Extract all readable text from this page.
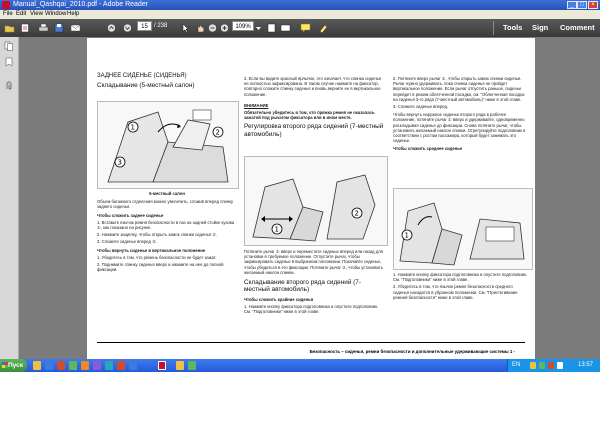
Manual_Qashqai_2010.pdf - Adobe Reader	_	□	×
File Edit View Window Help
15	/ 238	109%	Tools Sign Comment
ЗАДНЕЕ СИДЕНЬЕ (СИДЕНЬЯ)
Складывание (5-местный салон)
1
2
3
5-местный салон
Объем багажного отделения можно увеличить, сложив вперед спинку заднего сиденья.
Чтобы сложить заднее сиденье
1. Вставьте язычок ремня безопасности в паз на задней стойке кузова ①, как показано на рисунке.
2. Нажмите защёлку, чтобы открыть замок спинки сиденья ②.
3. Сложите сиденье вперед ③.
Чтобы вернуть сиденье в вертикальное положение
1. Убедитесь в том, что ремень безопасности не будет зажат.
2. Поднимите спинку сиденья вверх и нажмите на нее до полной фиксации.
3. Если вы видите красный ярлычок, это означает, что спинка сиденья не полностью зафиксирована. В таком случае нажмите на фиксатор, повторно сложите спинку сиденья и вновь верните ее в вертикальное положение.
ВНИМАНИЕ
Обязательно убедитесь в том, что пряжка ремня не оказалась зажатой под рычагом фиксатора или в ином месте.
Регулировка второго ряда сидений (7-местный автомобиль)
1
2
Потяните рычаг ① вверх и переместите сиденье вперед или назад для установки в требуемое положение. Отпустите рычаг, чтобы зафиксировать сиденье в выбранном положении. Покачайте сиденье, чтобы убедиться в его фиксации. Потяните рычаг ②, чтобы установить желаемый наклон спинки.
Складывание второго ряда сидений (7-местный автомобиль)
Чтобы сложить крайние сиденья
1. Нажмите кнопку фиксатора подголовника и опустите подголовник. См. "Подголовники" ниже в этой главе.
2. Потяните вверх рычаг ①, чтобы открыть замок спинки сиденья. Рычаг нужно удерживать, пока спинка сиденья не пройдет вертикальное положение. Если рычаг отпустить раньше, сиденье перейдет в режим облегченной посадки, см. "Облегченная посадка на сиденья 3-го ряда (7-местный автомобиль)" ниже в этой главе.
3. Сложите сиденье вперед.
Чтобы вернуть наружное сиденье второго ряда в рабочее положение, потяните рычаг ① вверх и удерживайте, одновременно раскладывая сиденье до фиксации. Снова потяните рычаг, чтобы установить желаемый наклон спинки. Отрегулируйте подголовник в соответствии с ростом пассажира, который будет занимать это сиденье.
Чтобы сложить среднее сиденье
1
1. Нажмите кнопку фиксатора подголовника и опустите подголовник. См. "Подголовники" ниже в этой главе.
2. Убедитесь в том, что язычок ремня безопасности среднего сиденья находится в убранном положении. См. "Пристегивание ремней безопасности" ниже в этой главе.
Безопасность – сиденья, ремни безопасности и дополнительные удерживающие системы 1 -
Пуск	EN	13:57
